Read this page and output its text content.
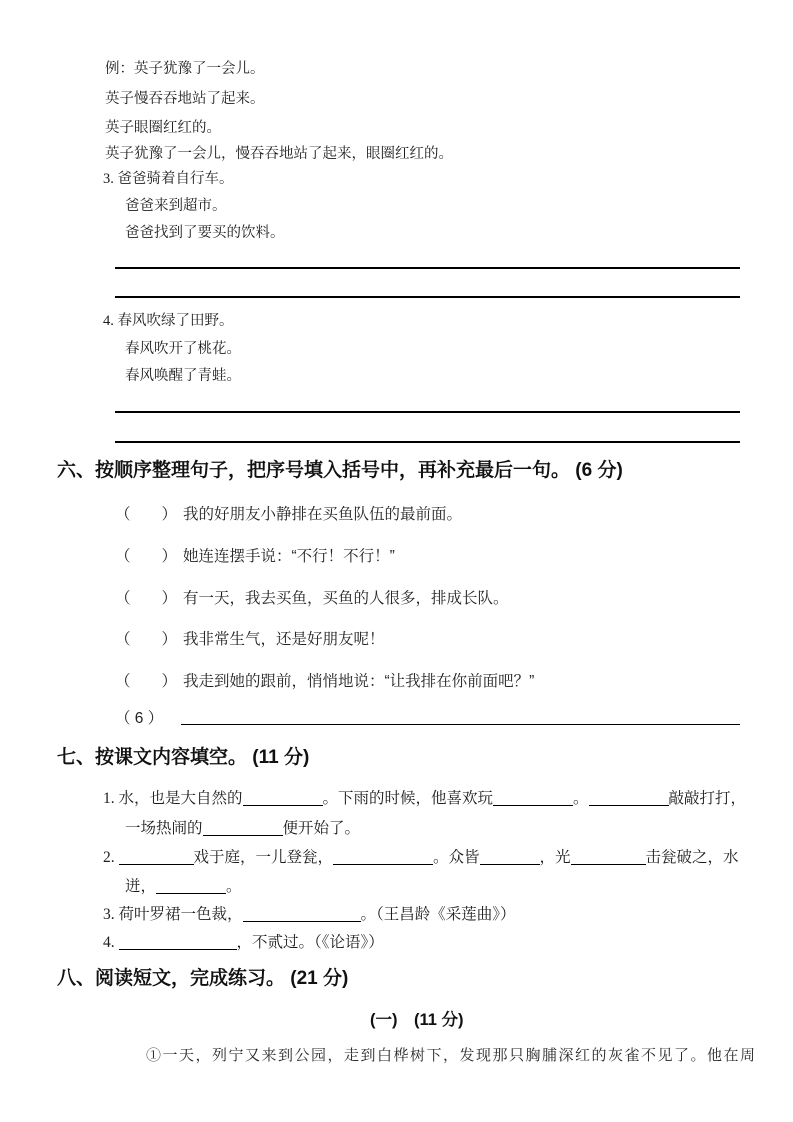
例：英子犹豫了一会儿。
英子慢吞吞地站了起来。
英子眼圈红红的。
英子犹豫了一会儿，慢吞吞地站了起来，眼圈红红的。
3. 爸爸骑着自行车。
爸爸来到超市。
爸爸找到了要买的饮料。
4. 春风吹绿了田野。
春风吹开了桃花。
春风唤醒了青蛙。
六、按顺序整理句子，把序号填入括号中，再补充最后一句。 (6 分)
（　　） 我的好朋友小静排在买鱼队伍的最前面。
（　　） 她连连摆手说：“不行！不行！”
（　　） 有一天，我去买鱼，买鱼的人很多，排成长队。
（　　） 我非常生气，还是好朋友呢！
（　　） 我走到她的跟前，悄悄地说：“让我排在你前面吧？”
（ 6 ）
七、按课文内容填空。 (11 分)
1. 水，也是大自然的	。下雨的时候，他喜欢玩	。	敲敲打打，
一场热闹的	便开始了。
2.	戏于庭，一儿登瓮，	。众皆	，光	击瓮破之，水
迸，	。
3. 荷叶罗裙一色裁，	。（王昌龄《采莲曲》）
4.	，不贰过。（《论语》）
八、阅读短文，完成练习。 (21 分)
(一)　(11 分)
①一天，列宁又来到公园，走到白桦树下，发现那只胸脯深红的灰雀不见了。他在周
